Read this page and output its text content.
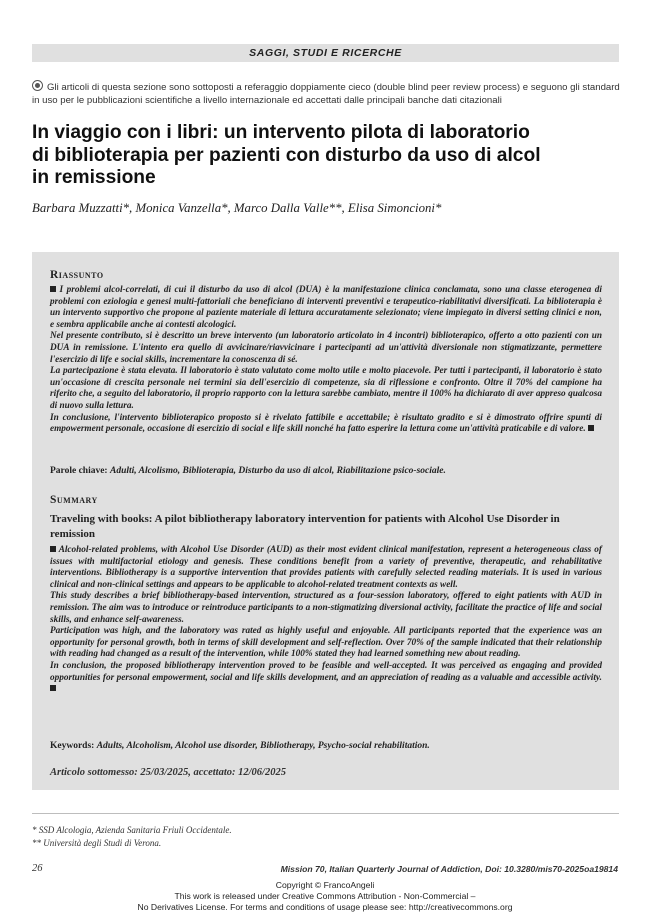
SAGGI, STUDI E RICERCHE
Gli articoli di questa sezione sono sottoposti a referaggio doppiamente cieco (double blind peer review process) e seguono gli standard in uso per le pubblicazioni scientifiche a livello internazionale ed accettati dalle principali banche dati citazionali
In viaggio con i libri: un intervento pilota di laboratorio
di biblioterapia per pazienti con disturbo da uso di alcol
in remissione
Barbara Muzzatti*, Monica Vanzella*, Marco Dalla Valle**, Elisa Simoncioni*
Riassunto

I problemi alcol-correlati, di cui il disturbo da uso di alcol (DUA) è la manifestazione clinica conclamata, sono una classe eterogenea di problemi con eziologia e genesi multi-fattoriali che beneficiano di interventi preventivi e terapeutico-riabilitativi diversificati. La biblioterapia è un intervento supportivo che propone al paziente materiale di lettura accuratamente selezionato; viene impiegato in diversi setting clinici e non, e sembra applicabile anche ai contesti alcologici.

Nel presente contributo, si è descritto un breve intervento (un laboratorio articolato in 4 incontri) biblioterapico, offerto a otto pazienti con un DUA in remissione. L'intento era quello di avvicinare/riavvicinare i partecipanti ad un'attività diversionale non stigmatizzante, permettere l'esercizio di life e social skills, incrementare la conoscenza di sé.

La partecipazione è stata elevata. Il laboratorio è stato valutato come molto utile e molto piacevole. Per tutti i partecipanti, il laboratorio è stato un'occasione di crescita personale nei termini sia dell'esercizio di competenze, sia di riflessione e confronto. Oltre il 70% del campione ha riferito che, a seguito del laboratorio, il proprio rapporto con la lettura sarebbe cambiato, mentre il 100% ha dichiarato di aver appreso qualcosa di nuovo sulla lettura.

In conclusione, l'intervento biblioterapico proposto si è rivelato fattibile e accettabile; è risultato gradito e si è dimostrato offrire spunti di empowerment personale, occasione di esercizio di social e life skill nonché ha fatto esperire la lettura come un'attività praticabile e di valore.

Parole chiave: Adulti, Alcolismo, Biblioterapia, Disturbo da uso di alcol, Riabilitazione psico-sociale.
Summary
Traveling with books: A pilot bibliotherapy laboratory intervention for patients with Alcohol Use Disorder in remission

Alcohol-related problems, with Alcohol Use Disorder (AUD) as their most evident clinical manifestation, represent a heterogeneous class of issues with multifactorial etiology and genesis. These conditions benefit from a variety of preventive, therapeutic, and rehabilitative interventions. Bibliotherapy is a supportive intervention that provides patients with carefully selected reading materials. It is used in various clinical and non-clinical settings and appears to be applicable to alcohol-related treatment contexts as well.

This study describes a brief bibliotherapy-based intervention, structured as a four-session laboratory, offered to eight patients with AUD in remission. The aim was to introduce or reintroduce participants to a non-stigmatizing diversional activity, facilitate the practice of life and social skills, and enhance self-awareness.

Participation was high, and the laboratory was rated as highly useful and enjoyable. All participants reported that the experience was an opportunity for personal growth, both in terms of skill development and self-reflection. Over 70% of the sample indicated that their relationship with reading had changed as a result of the intervention, while 100% stated they had learned something new about reading.

In conclusion, the proposed bibliotherapy intervention proved to be feasible and well-accepted. It was perceived as engaging and provided opportunities for personal empowerment, social and life skills development, and an appreciation of reading as a valuable and accessible activity.

Keywords: Adults, Alcoholism, Alcohol use disorder, Bibliotherapy, Psycho-social rehabilitation.
Articolo sottomesso: 25/03/2025, accettato: 12/06/2025
* SSD Alcologia, Azienda Sanitaria Friuli Occidentale.
** Università degli Studi di Verona.
26	Mission 70, Italian Quarterly Journal of Addiction, Doi: 10.3280/mis70-2025oa19814
Copyright © FrancoAngeli
This work is released under Creative Commons Attribution - Non-Commercial –
No Derivatives License. For terms and conditions of usage please see: http://creativecommons.org
